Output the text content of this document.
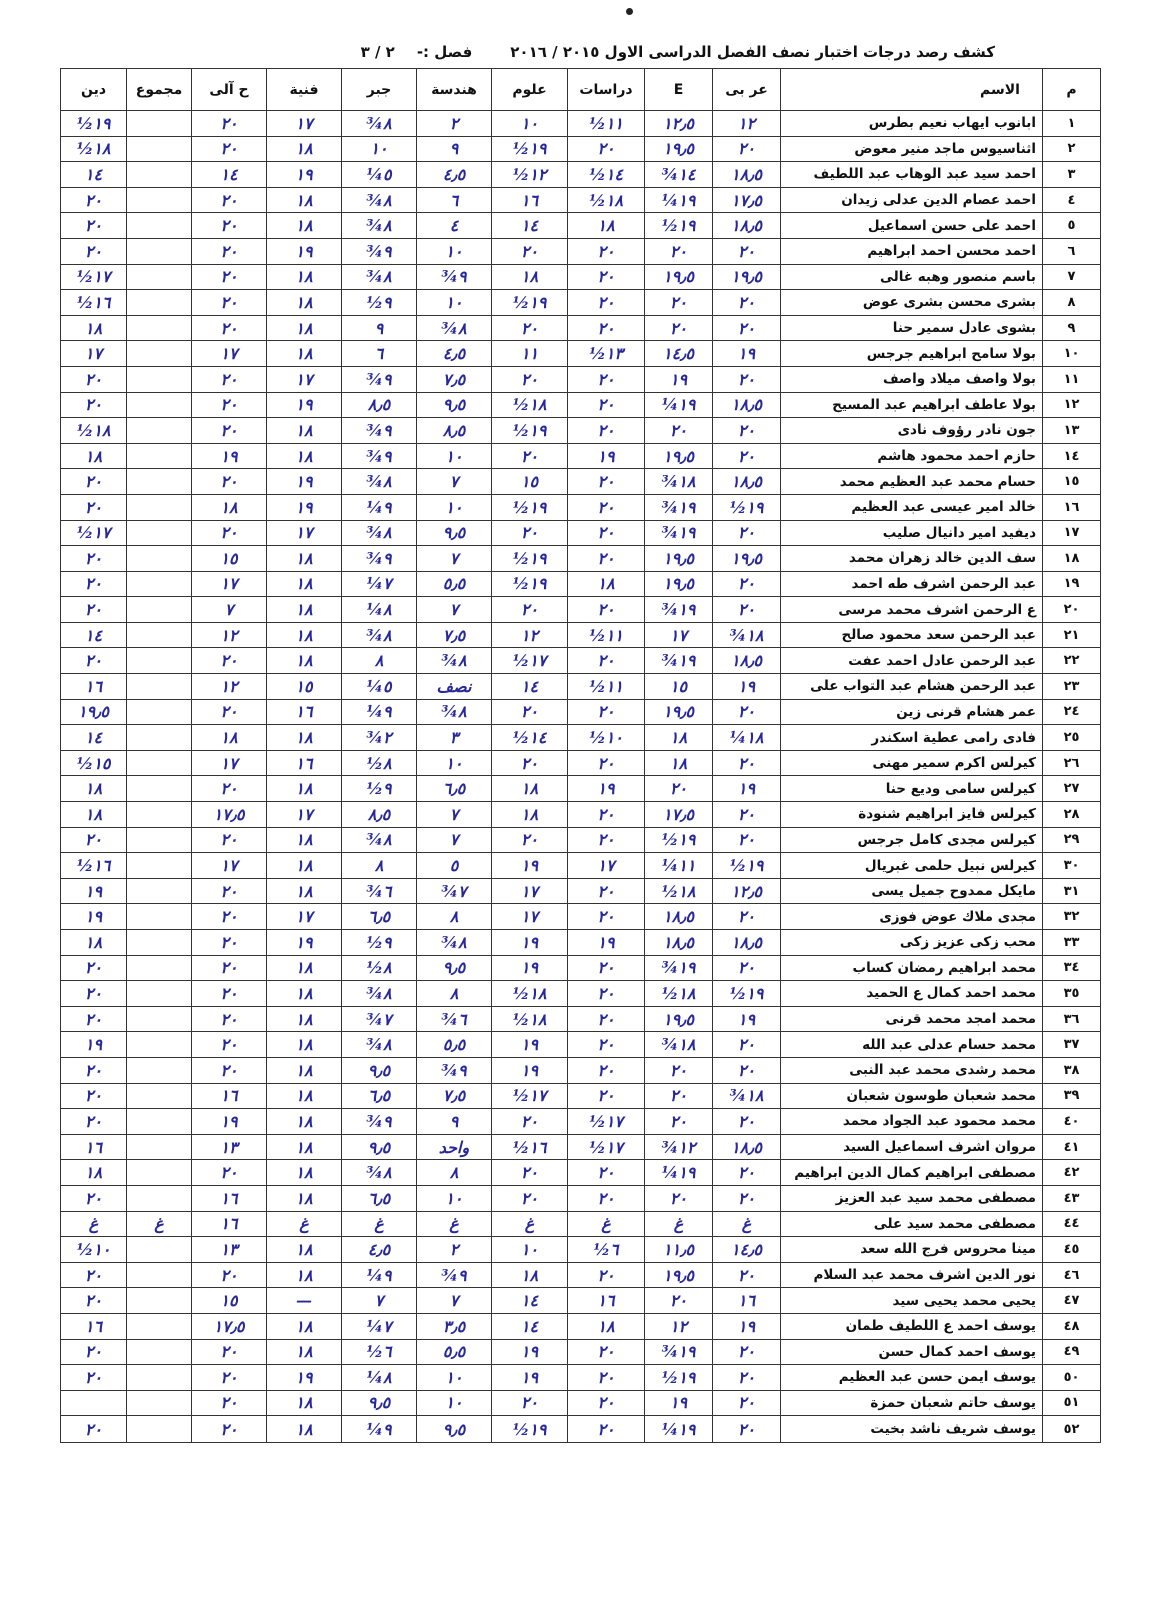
كشف رصد درجات اختبار نصف الفصل الدراسى الاول ٢٠١٥ / ٢٠١٦
فصل :-
٢ / ٣
م	الاسم	عر بى	E	دراسات	علوم	هندسة	جبر	فنية	ح آلى	مجموع	دين
١	ابانوب ايهاب نعيم بطرس	١٢	١٢٫٥	١١½	١٠	٢	٨¾	١٧	٢٠		١٩½
٢	اثناسيوس ماجد منير معوض	٢٠	١٩٫٥	٢٠	١٩½	٩	١٠	١٨	٢٠		١٨½
٣	احمد سيد عبد الوهاب عبد اللطيف	١٨٫٥	١٤¾	١٤½	١٢½	٤٫٥	٥¼	١٩	١٤		١٤
٤	احمد عصام الدين عدلى زيدان	١٧٫٥	١٩¼	١٨½	١٦	٦	٨¾	١٨	٢٠		٢٠
٥	احمد على حسن اسماعيل	١٨٫٥	١٩½	١٨	١٤	٤	٨¾	١٨	٢٠		٢٠
٦	احمد محسن احمد ابراهيم	٢٠	٢٠	٢٠	٢٠	١٠	٩¾	١٩	٢٠		٢٠
٧	باسم منصور وهبه غالى	١٩٫٥	١٩٫٥	٢٠	١٨	٩¾	٨¾	١٨	٢٠		١٧½
٨	بشرى محسن بشرى عوض	٢٠	٢٠	٢٠	١٩½	١٠	٩½	١٨	٢٠		١٦½
٩	بشوى عادل سمير حنا	٢٠	٢٠	٢٠	٢٠	٨¾	٩	١٨	٢٠		١٨
١٠	بولا سامح ابراهيم جرجس	١٩	١٤٫٥	١٣½	١١	٤٫٥	٦	١٨	١٧		١٧
١١	بولا واصف ميلاد واصف	٢٠	١٩	٢٠	٢٠	٧٫٥	٩¾	١٧	٢٠		٢٠
١٢	بولا عاطف ابراهيم عبد المسيح	١٨٫٥	١٩¼	٢٠	١٨½	٩٫٥	٨٫٥	١٩	٢٠		٢٠
١٣	جون نادر رؤوف نادى	٢٠	٢٠	٢٠	١٩½	٨٫٥	٩¾	١٨	٢٠		١٨½
١٤	حازم احمد محمود هاشم	٢٠	١٩٫٥	١٩	٢٠	١٠	٩¾	١٨	١٩		١٨
١٥	حسام محمد عبد العظيم محمد	١٨٫٥	١٨¾	٢٠	١٥	٧	٨¾	١٩	٢٠		٢٠
١٦	خالد امير عيسى عبد العظيم	١٩½	١٩¾	٢٠	١٩½	١٠	٩¼	١٩	١٨		٢٠
١٧	ديفيد امير دانيال صليب	٢٠	١٩¾	٢٠	٢٠	٩٫٥	٨¾	١٧	٢٠		١٧½
١٨	سف الدين خالد زهران محمد	١٩٫٥	١٩٫٥	٢٠	١٩½	٧	٩¾	١٨	١٥		٢٠
١٩	عبد الرحمن اشرف طه احمد	٢٠	١٩٫٥	١٨	١٩½	٥٫٥	٧¼	١٨	١٧		٢٠
٢٠	ع الرحمن اشرف محمد مرسى	٢٠	١٩¾	٢٠	٢٠	٧	٨¼	١٨	٧		٢٠
٢١	عبد الرحمن سعد محمود صالح	١٨¾	١٧	١١½	١٢	٧٫٥	٨¾	١٨	١٢		١٤
٢٢	عبد الرحمن عادل احمد عفت	١٨٫٥	١٩¾	٢٠	١٧½	٨¾	٨	١٨	٢٠		٢٠
٢٣	عبد الرحمن هشام عبد التواب على	١٩	١٥	١١½	١٤	نصف	٥¼	١٥	١٢		١٦
٢٤	عمر هشام قرنى زين	٢٠	١٩٫٥	٢٠	٢٠	٨¾	٩¼	١٦	٢٠		١٩٫٥
٢٥	فادى رامى عطية اسكندر	١٨¼	١٨	١٠½	١٤½	٣	٢¾	١٨	١٨		١٤
٢٦	كيرلس اكرم سمير مهنى	٢٠	١٨	٢٠	٢٠	١٠	٨½	١٦	١٧		١٥½
٢٧	كيرلس سامى وديع حنا	١٩	٢٠	١٩	١٨	٦٫٥	٩½	١٨	٢٠		١٨
٢٨	كيرلس فايز ابراهيم شنودة	٢٠	١٧٫٥	٢٠	١٨	٧	٨٫٥	١٧	١٧٫٥		١٨
٢٩	كيرلس مجدى كامل جرجس	٢٠	١٩½	٢٠	٢٠	٧	٨¾	١٨	٢٠		٢٠
٣٠	كيرلس نبيل حلمى غبريال	١٩½	١١¼	١٧	١٩	٥	٨	١٨	١٧		١٦½
٣١	مايكل ممدوح جميل يسى	١٢٫٥	١٨½	٢٠	١٧	٧¾	٦¾	١٨	٢٠		١٩
٣٢	مجدى ملاك عوض فوزى	٢٠	١٨٫٥	٢٠	١٧	٨	٦٫٥	١٧	٢٠		١٩
٣٣	محب زكى عزيز زكى	١٨٫٥	١٨٫٥	١٩	١٩	٨¾	٩½	١٩	٢٠		١٨
٣٤	محمد ابراهيم رمضان كساب	٢٠	١٩¾	٢٠	١٩	٩٫٥	٨½	١٨	٢٠		٢٠
٣٥	محمد احمد كمال ع الحميد	١٩½	١٨½	٢٠	١٨½	٨	٨¾	١٨	٢٠		٢٠
٣٦	محمد امجد محمد قرنى	١٩	١٩٫٥	٢٠	١٨½	٦¾	٧¾	١٨	٢٠		٢٠
٣٧	محمد حسام عدلى عبد الله	٢٠	١٨¾	٢٠	١٩	٥٫٥	٨¾	١٨	٢٠		١٩
٣٨	محمد رشدى محمد عبد النبى	٢٠	٢٠	٢٠	١٩	٩¾	٩٫٥	١٨	٢٠		٢٠
٣٩	محمد شعبان طوسون شعبان	١٨¾	٢٠	٢٠	١٧½	٧٫٥	٦٫٥	١٨	١٦		٢٠
٤٠	محمد محمود عبد الجواد محمد	٢٠	٢٠	١٧½	٢٠	٩	٩¾	١٨	١٩		٢٠
٤١	مروان اشرف اسماعيل السيد	١٨٫٥	١٢¾	١٧½	١٦½	واحد	٩٫٥	١٨	١٣		١٦
٤٢	مصطفى ابراهيم كمال الدين ابراهيم	٢٠	١٩¼	٢٠	٢٠	٨	٨¾	١٨	٢٠		١٨
٤٣	مصطفى محمد سيد عبد العزيز	٢٠	٢٠	٢٠	٢٠	١٠	٦٫٥	١٨	١٦		٢٠
٤٤	مصطفى محمد سيد على	غ	غ	غ	غ	غ	غ	غ	١٦	غ	غ
٤٥	مينا محروس فرج الله سعد	١٤٫٥	١١٫٥	٦½	١٠	٢	٤٫٥	١٨	١٣		١٠½
٤٦	نور الدين اشرف محمد عبد السلام	٢٠	١٩٫٥	٢٠	١٨	٩¾	٩¼	١٨	٢٠		٢٠
٤٧	يحيى محمد يحيى سيد	١٦	٢٠	١٦	١٤	٧	٧	—	١٥		٢٠
٤٨	يوسف احمد ع اللطيف طمان	١٩	١٢	١٨	١٤	٣٫٥	٧¼	١٨	١٧٫٥		١٦
٤٩	يوسف احمد كمال حسن	٢٠	١٩¾	٢٠	١٩	٥٫٥	٦½	١٨	٢٠		٢٠
٥٠	يوسف ايمن حسن عبد العظيم	٢٠	١٩½	٢٠	١٩	١٠	٨¼	١٩	٢٠		٢٠
٥١	يوسف حاتم شعبان حمزة	٢٠	١٩	٢٠	٢٠	١٠	٩٫٥	١٨	٢٠		
٥٢	يوسف شريف ناشد بخيت	٢٠	١٩¼	٢٠	١٩½	٩٫٥	٩¼	١٨	٢٠		٢٠
